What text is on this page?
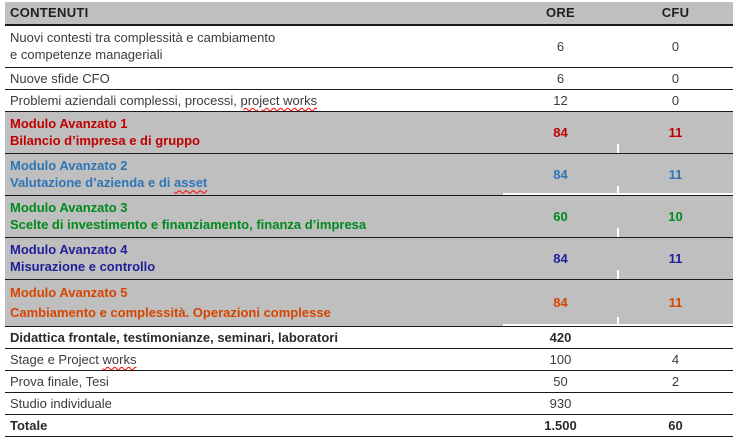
CONTENUTI	ORE	CFU
Nuovi contesti tra complessità e cambiamento
e competenze manageriali
6	0
Nuove sfide CFO	6	0
Problemi aziendali complessi, processi, project works	12	0
Modulo Avanzato 1
Bilancio d’impresa e di gruppo
84	11
Modulo Avanzato 2
Valutazione d’azienda e di asset
84	11
Modulo Avanzato 3
Scelte di investimento e finanziamento, finanza d’impresa
60	10
Modulo Avanzato 4
Misurazione e controllo
84	11
Modulo Avanzato 5
Cambiamento e complessità. Operazioni complesse
84	11
Didattica frontale, testimonianze, seminari, laboratori	420
Stage e Project works	100	4
Prova finale, Tesi	50	2
Studio individuale	930
Totale	1.500	60
